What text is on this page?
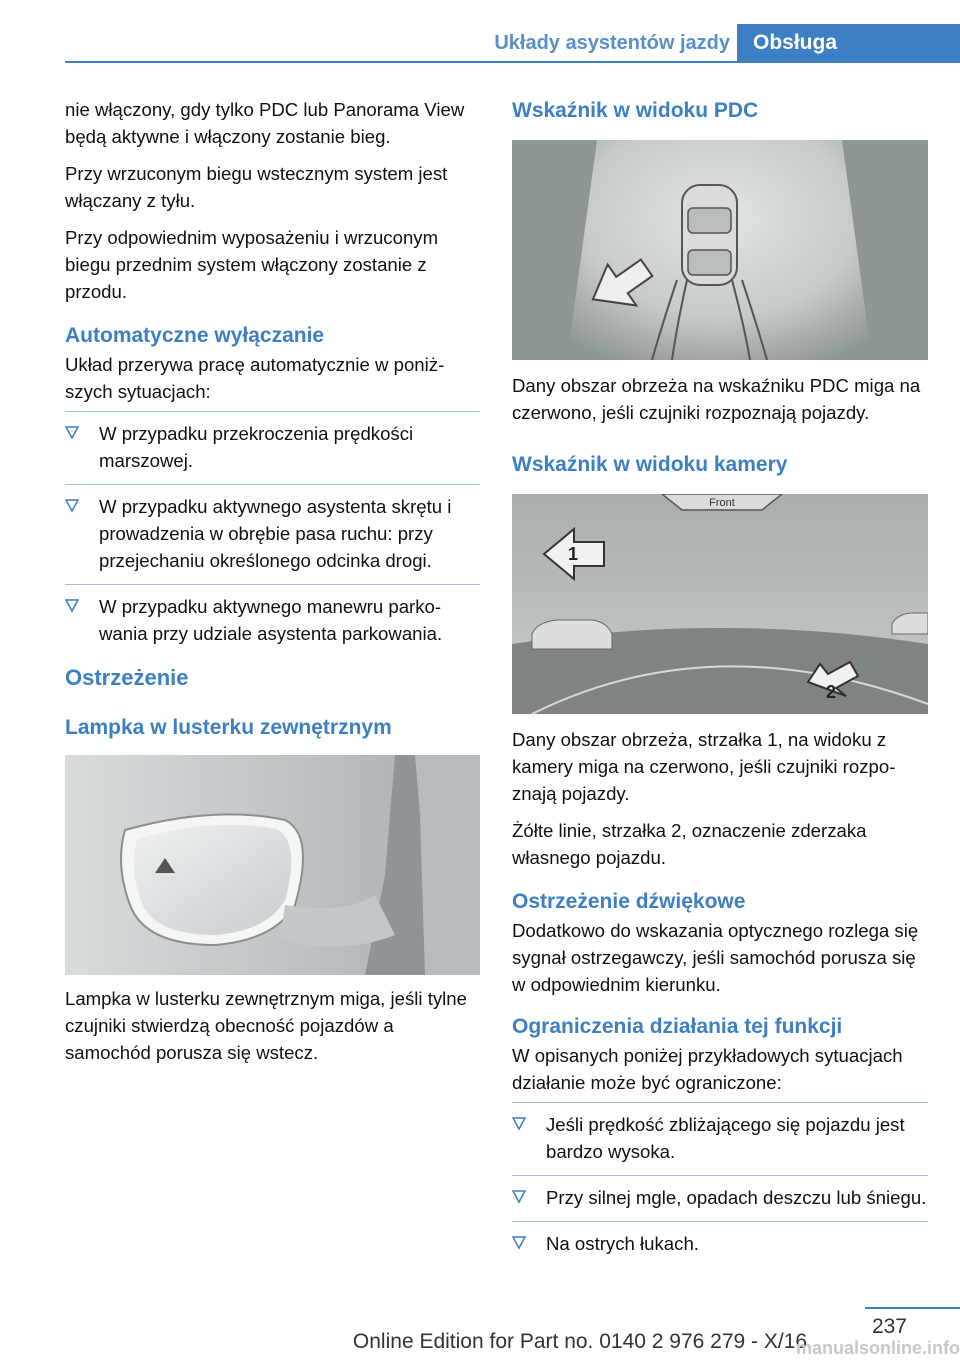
Układy asystentów jazdy	Obsługa

nie włączony, gdy tylko PDC lub Panorama View będą aktywne i włączony zostanie bieg.

Przy wrzuconym biegu wstecznym system jest włączany z tyłu.

Przy odpowiednim wyposażeniu i wrzuconym biegu przednim system włączony zostanie z przodu.

Automatyczne wyłączanie

Układ przerywa pracę automatycznie w poniższych sytuacjach:

W przypadku przekroczenia prędkości marszowej.
W przypadku aktywnego asystenta skrętu i prowadzenia w obrębie pasa ruchu: przy przejechaniu określonego odcinka drogi.
W przypadku aktywnego manewru parkowania przy udziale asystenta parkowania.
Ostrzeżenie
Lampka w lusterku zewnętrznym

Lampka w lusterku zewnętrznym miga, jeśli tylne czujniki stwierdzą obecność pojazdów a samochód porusza się wstecz.

Wskaźnik w widoku PDC

Dany obszar obrzeża na wskaźniku PDC miga na czerwono, jeśli czujniki rozpoznają pojazdy.

Wskaźnik w widoku kamery
Front
1
2

Dany obszar obrzeża, strzałka 1, na widoku z kamery miga na czerwono, jeśli czujniki rozpoznają pojazdy.

Żółte linie, strzałka 2, oznaczenie zderzaka własnego pojazdu.

Ostrzeżenie dźwiękowe

Dodatkowo do wskazania optycznego rozlega się sygnał ostrzegawczy, jeśli samochód porusza się w odpowiednim kierunku.

Ograniczenia działania tej funkcji

W opisanych poniżej przykładowych sytuacjach działanie może być ograniczone:

Jeśli prędkość zbliżającego się pojazdu jest bardzo wysoka.
Przy silnej mgle, opadach deszczu lub śniegu.
Na ostrych łukach.
237
Online Edition for Part no. 0140 2 976 279 - X/16
manualsonline.info
